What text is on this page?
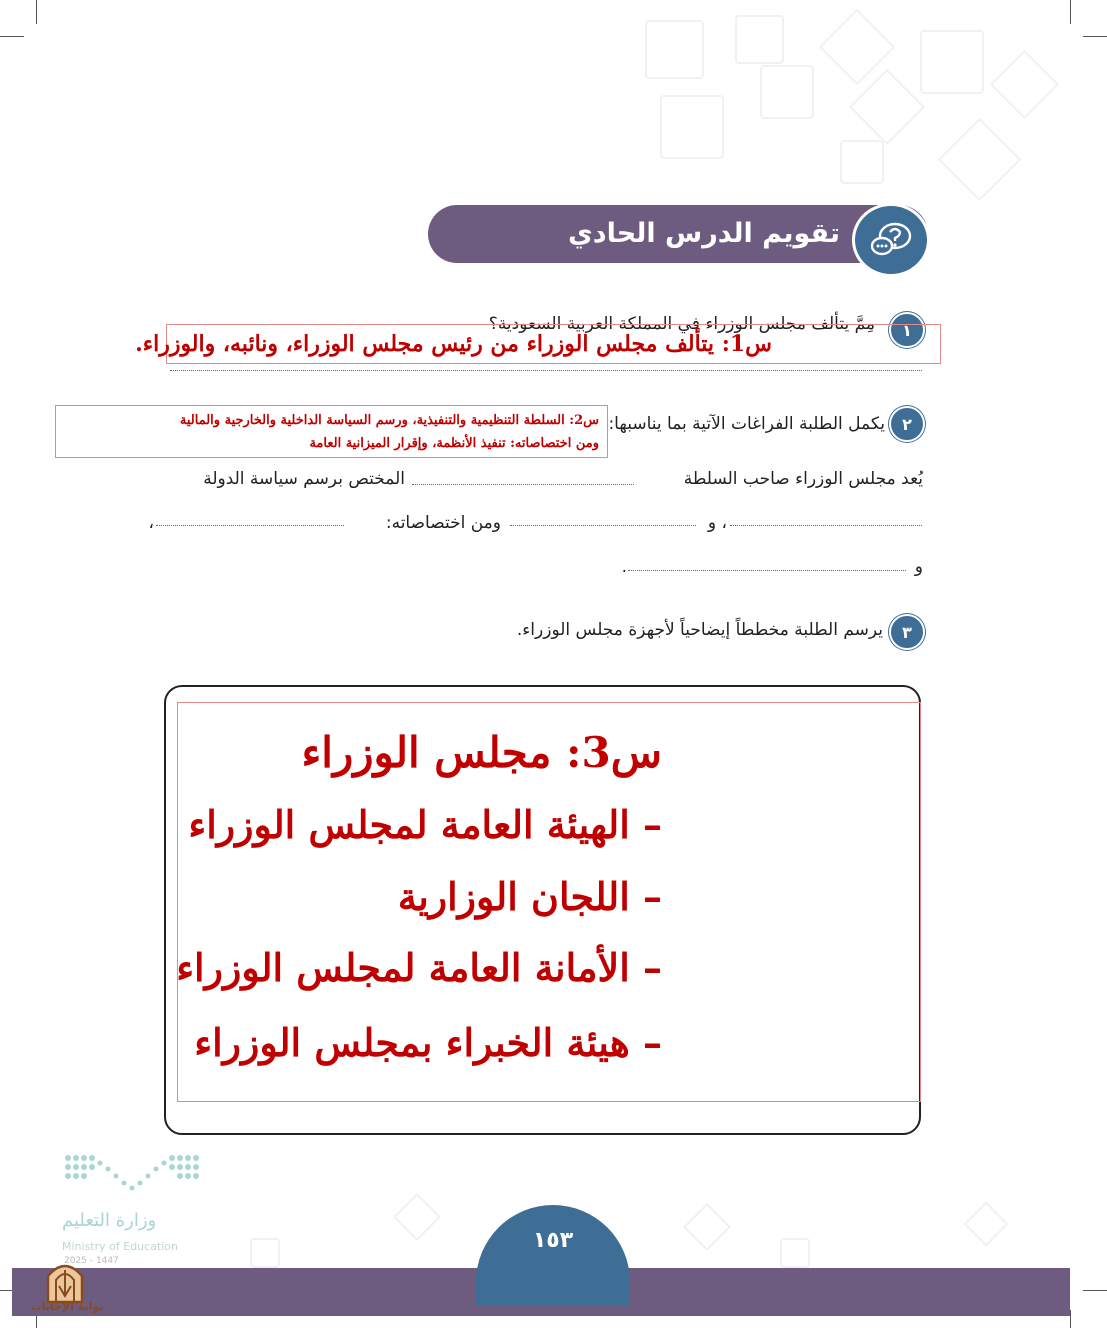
تقويم الدرس الحادي والعشرين
١
مِمَّ يتألف مجلس الوزراء في المملكة العربية السعودية؟
س1: يتألف مجلس الوزراء من رئيس مجلس الوزراء، ونائبه، والوزراء.
٢
يكمل الطلبة الفراغات الآتية بما يناسبها:
س2: السلطة التنظيمية والتنفيذية، ورسم السياسة الداخلية والخارجية والمالية
ومن اختصاصاته: تنفيذ الأنظمة، وإقرار الميزانية العامة
يُعد مجلس الوزراء صاحب السلطة
المختص برسم سياسة الدولة
، و
ومن اختصاصاته:
،
و
.
٣
يرسم الطلبة مخططاً إيضاحياً لأجهزة مجلس الوزراء.
س3: مجلس الوزراء
– الهيئة العامة لمجلس الوزراء
– اللجان الوزارية
– الأمانة العامة لمجلس الوزراء
– هيئة الخبراء بمجلس الوزراء
١٥٣
وزارة التعليم
Ministry of Education
2025 - 1447
بوابة الإجابات
